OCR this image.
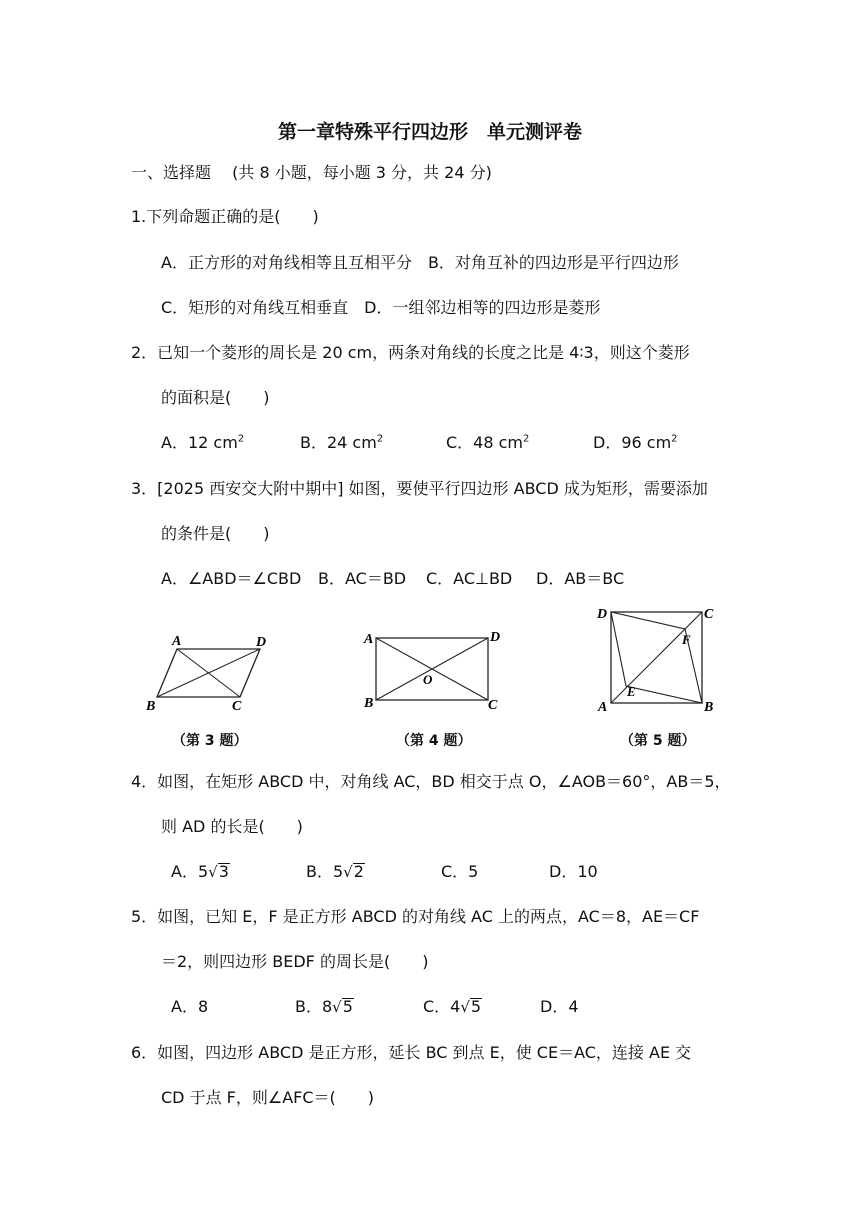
第一章特殊平行四边形　单元测评卷
一、选择题　 (共 8 小题，每小题 3 分，共 24 分)
1.下列命题正确的是(　　)
A．正方形的对角线相等且互相平分　B．对角互补的四边形是平行四边形
C．矩形的对角线互相垂直　D．一组邻边相等的四边形是菱形
2．已知一个菱形的周长是 20 cm，两条对角线的长度之比是 4∶3，则这个菱形
的面积是(　　)
A．12 $cm^2$	B．24 $cm^2$	C．48 $cm^2$	D．96 $cm^2$
3．[2025 西安交大附中期中] 如图，要使平行四边形 ABCD 成为矩形，需要添加
的条件是(　　)
A．∠ABD＝∠CBD B．AC＝BD C．AC⊥BD D．AB＝BC
A	D
B	C
（第 3 题）
A	D
B	C
O
（第 4 题）
D	C
F
E
A	B
（第 5 题）
4．如图，在矩形 ABCD 中，对角线 AC，BD 相交于点 O，∠AOB＝60°，AB＝5，
则 AD 的长是(　　)
A．5√3	B．5√2	C．5	D．10
5．如图，已知 E，F 是正方形 ABCD 的对角线 AC 上的两点，AC＝8，AE＝CF
＝2，则四边形 BEDF 的周长是(　　)
A．8	B．8√5	C．4√5	D．4
6．如图，四边形 ABCD 是正方形，延长 BC 到点 E，使 CE＝AC，连接 AE 交
CD 于点 F，则∠AFC＝(　　)
